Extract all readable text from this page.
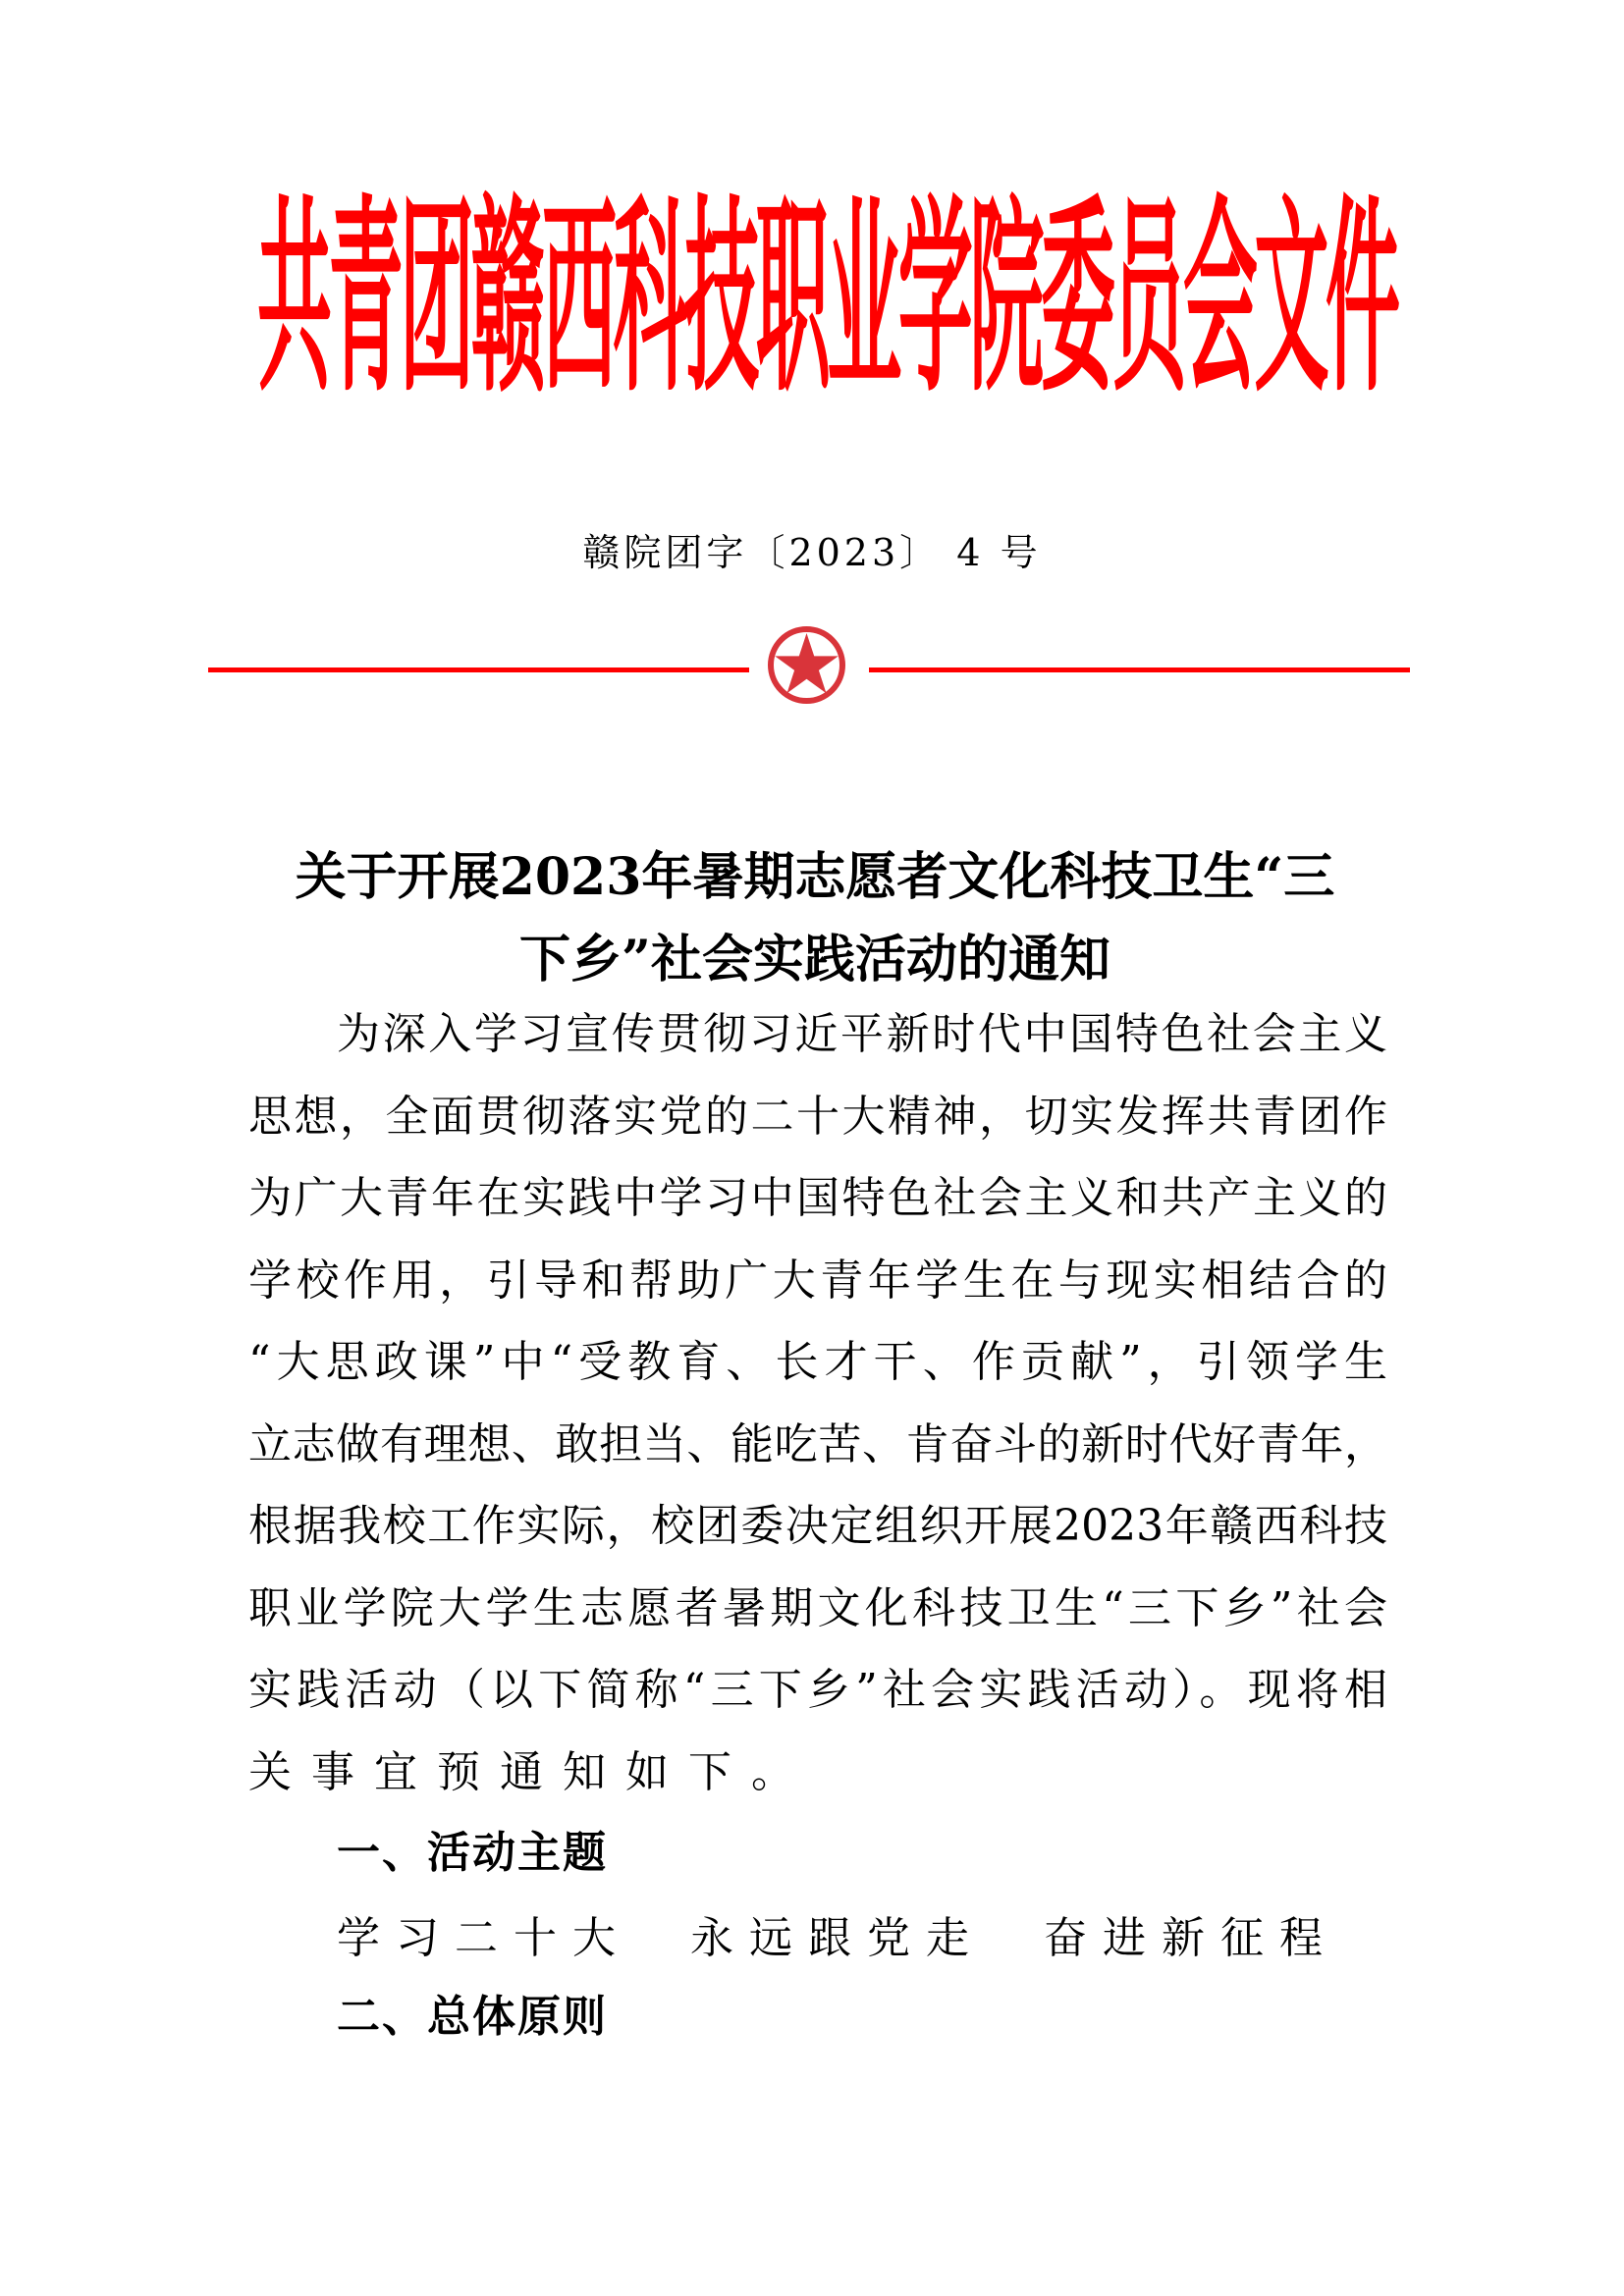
共
青
团
赣
西
科
技
职
业
学
院
委
员
会
文
件
赣院团字〔2023〕 4 号
关于开展2023年暑期志愿者文化科技卫生“三
下乡”社会实践活动的通知
为深入学习宣传贯彻习近平新时代中国特色社会主义
思想，全面贯彻落实党的二十大精神，切实发挥共青团作
为广大青年在实践中学习中国特色社会主义和共产主义的
学校作用，引导和帮助广大青年学生在与现实相结合的
“大思政课”中“受教育、长才干、作贡献”，引领学生
立志做有理想、敢担当、能吃苦、肯奋斗的新时代好青年，
根据我校工作实际，校团委决定组织开展2023年赣西科技
职业学院大学生志愿者暑期文化科技卫生“三下乡”社会
实践活动（以下简称“三下乡”社会实践活动）。现将相
关事宜预通知如下。
一、活动主题
学习二十大  永远跟党走  奋进新征程
二、总体原则
